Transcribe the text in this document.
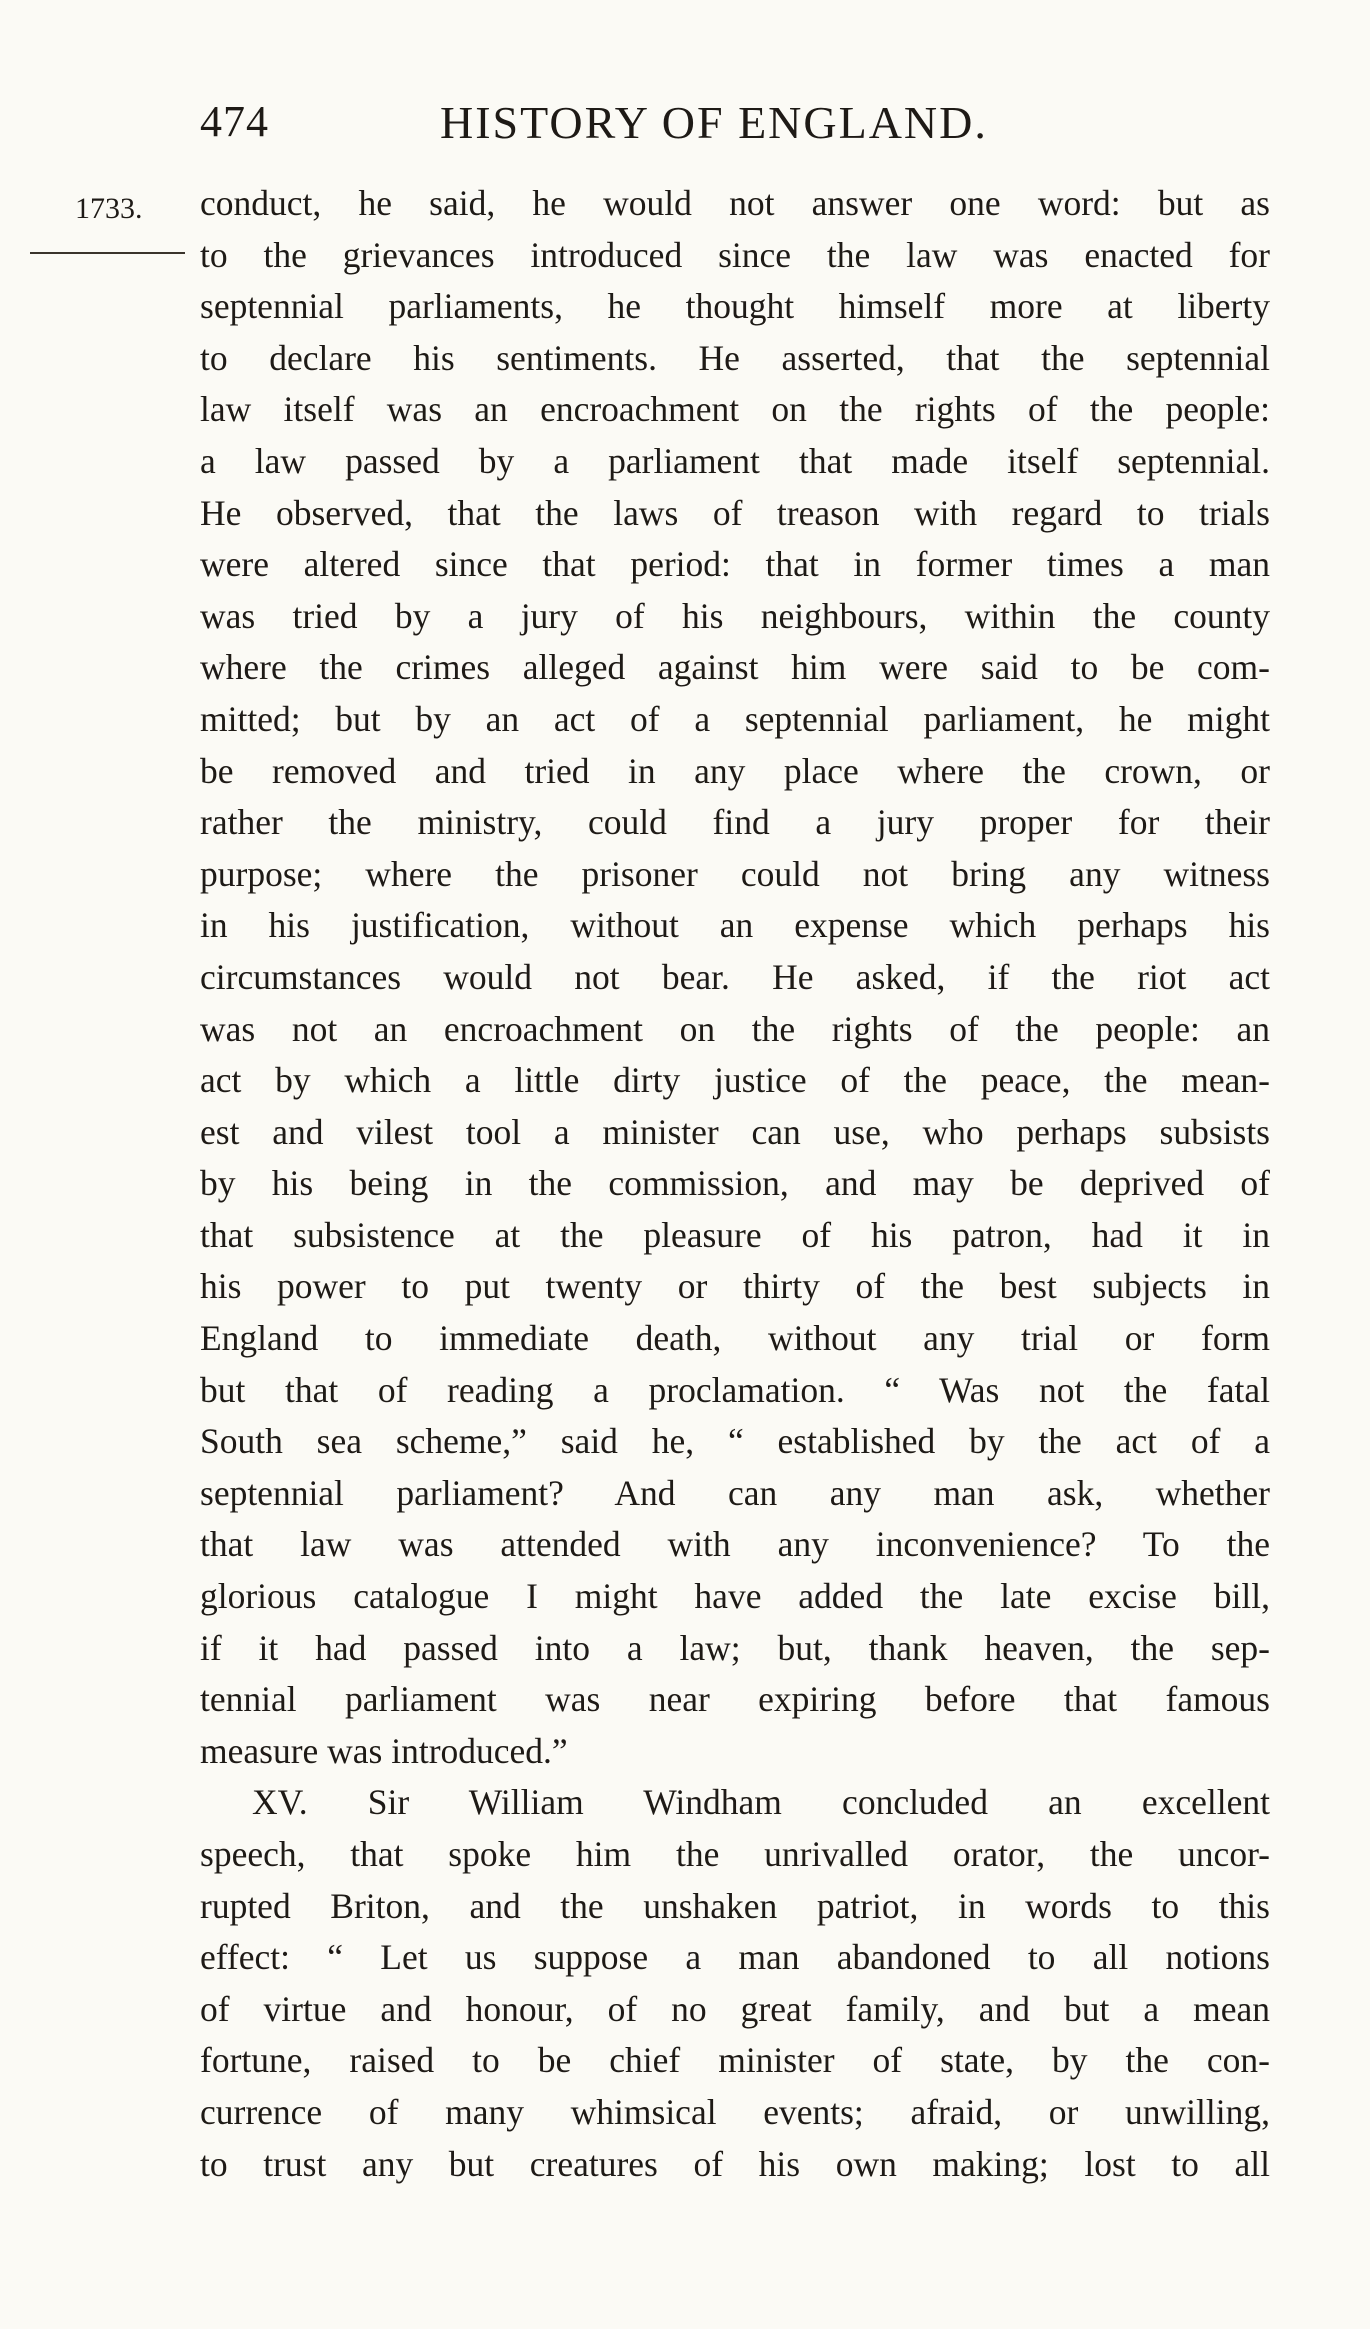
474	HISTORY OF ENGLAND.
1733. conduct, he said, he would not answer one word: but as
to the grievances introduced since the law was enacted for
septennial parliaments, he thought himself more at liberty
to declare his sentiments. He asserted, that the septennial
law itself was an encroachment on the rights of the people:
a law passed by a parliament that made itself septennial.
He observed, that the laws of treason with regard to trials
were altered since that period: that in former times a man
was tried by a jury of his neighbours, within the county
where the crimes alleged against him were said to be com-
mitted; but by an act of a septennial parliament, he might
be removed and tried in any place where the crown, or
rather the ministry, could find a jury proper for their
purpose; where the prisoner could not bring any witness
in his justification, without an expense which perhaps his
circumstances would not bear. He asked, if the riot act
was not an encroachment on the rights of the people: an
act by which a little dirty justice of the peace, the mean-
est and vilest tool a minister can use, who perhaps subsists
by his being in the commission, and may be deprived of
that subsistence at the pleasure of his patron, had it in
his power to put twenty or thirty of the best subjects in
England to immediate death, without any trial or form
but that of reading a proclamation. “ Was not the fatal
South sea scheme,” said he, “ established by the act of a
septennial parliament? And can any man ask, whether
that law was attended with any inconvenience? To the
glorious catalogue I might have added the late excise bill,
if it had passed into a law; but, thank heaven, the sep-
tennial parliament was near expiring before that famous
measure was introduced.”
XV. Sir William Windham concluded an excellent
speech, that spoke him the unrivalled orator, the uncor-
rupted Briton, and the unshaken patriot, in words to this
effect: “ Let us suppose a man abandoned to all notions
of virtue and honour, of no great family, and but a mean
fortune, raised to be chief minister of state, by the con-
currence of many whimsical events; afraid, or unwilling,
to trust any but creatures of his own making; lost to all
